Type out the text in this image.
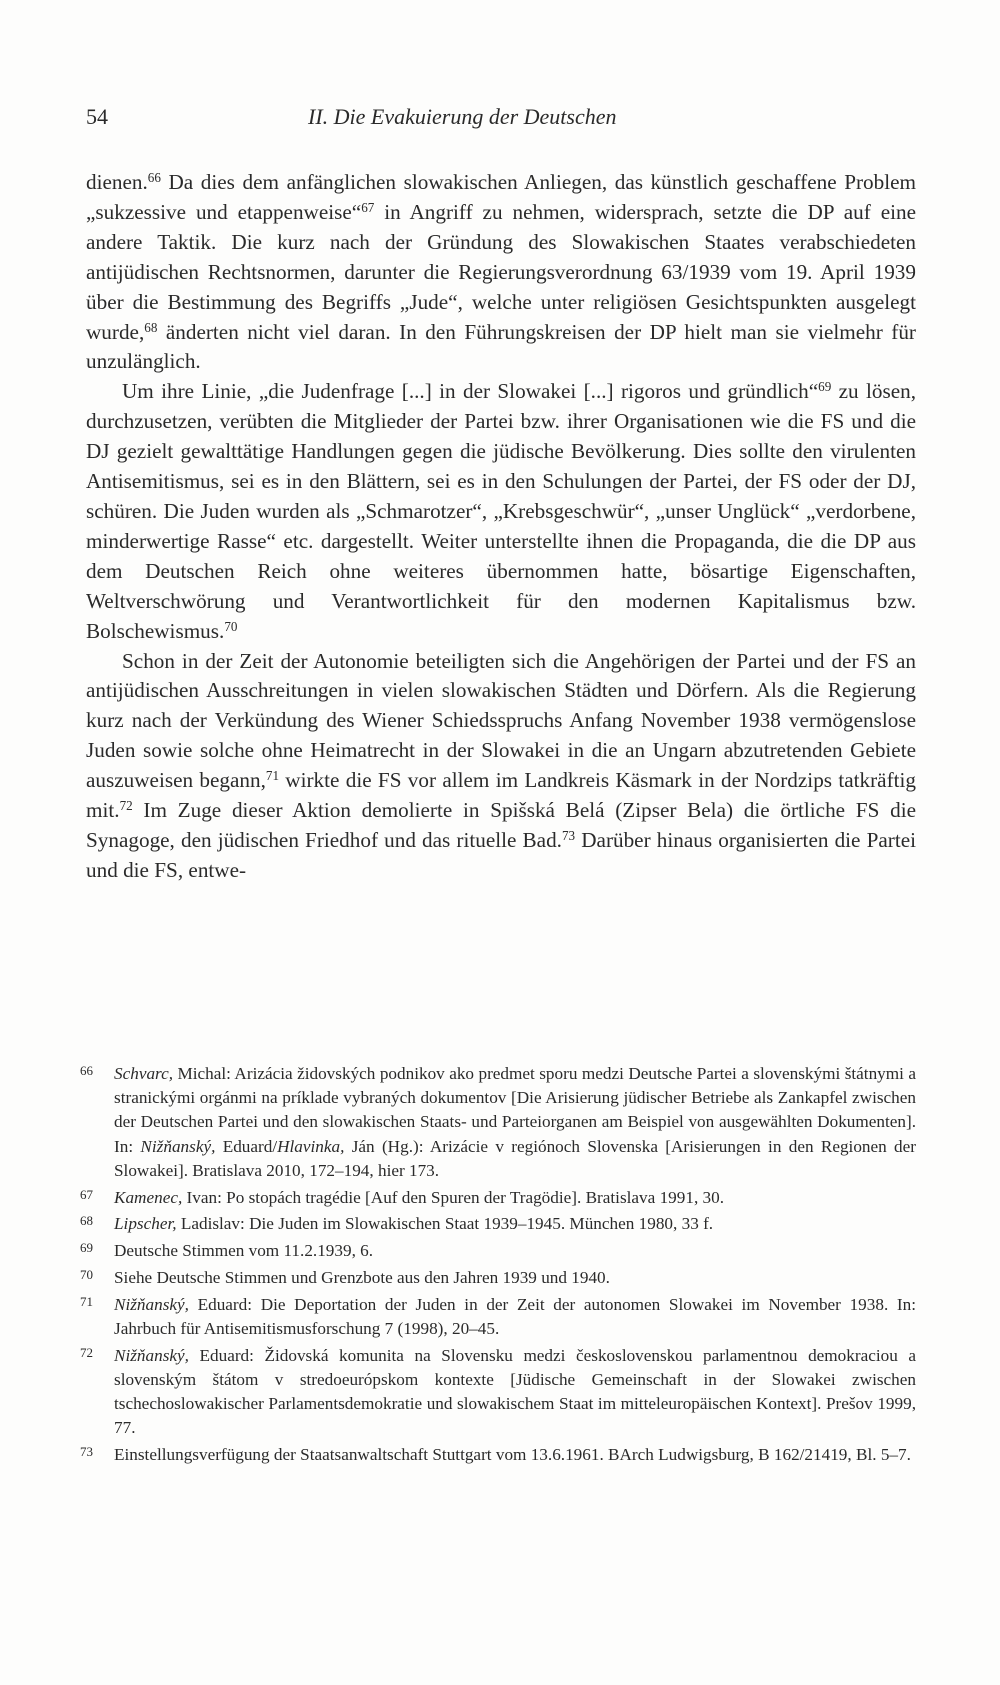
54	II. Die Evakuierung der Deutschen

dienen.$^{66}$ Da dies dem anfänglichen slowakischen Anliegen, das künstlich geschaffene Problem „sukzessive und etappenweise“$^{67}$ in Angriff zu nehmen, widersprach, setzte die DP auf eine andere Taktik. Die kurz nach der Gründung des Slowakischen Staates verabschiedeten antijüdischen Rechtsnormen, darunter die Regierungsverordnung 63/1939 vom 19. April 1939 über die Bestimmung des Begriffs „Jude“, welche unter religiösen Gesichtspunkten ausgelegt wurde,$^{68}$ änderten nicht viel daran. In den Führungskreisen der DP hielt man sie vielmehr für unzulänglich.

Um ihre Linie, „die Judenfrage [...] in der Slowakei [...] rigoros und gründlich“$^{69}$ zu lösen, durchzusetzen, verübten die Mitglieder der Partei bzw. ihrer Organisationen wie die FS und die DJ gezielt gewalttätige Handlungen gegen die jüdische Bevölkerung. Dies sollte den virulenten Antisemitismus, sei es in den Blättern, sei es in den Schulungen der Partei, der FS oder der DJ, schüren. Die Juden wurden als „Schmarotzer“, „Krebsgeschwür“, „unser Unglück“ „verdorbene, minderwertige Rasse“ etc. dargestellt. Weiter unterstellte ihnen die Propaganda, die die DP aus dem Deutschen Reich ohne weiteres übernommen hatte, bösartige Eigenschaften, Weltverschwörung und Verantwortlichkeit für den modernen Kapitalismus bzw. Bolschewismus.$^{70}$

Schon in der Zeit der Autonomie beteiligten sich die Angehörigen der Partei und der FS an antijüdischen Ausschreitungen in vielen slowakischen Städten und Dörfern. Als die Regierung kurz nach der Verkündung des Wiener Schiedsspruchs Anfang November 1938 vermögenslose Juden sowie solche ohne Heimatrecht in der Slowakei in die an Ungarn abzutretenden Gebiete auszuweisen begann,$^{71}$ wirkte die FS vor allem im Landkreis Käsmark in der Nordzips tatkräftig mit.$^{72}$ Im Zuge dieser Aktion demolierte in Spišská Belá (Zipser Bela) die örtliche FS die Synagoge, den jüdischen Friedhof und das rituelle Bad.$^{73}$ Darüber hinaus organisierten die Partei und die FS, entwe-

66	Schvarc, Michal: Arizácia židovských podnikov ako predmet sporu medzi Deutsche Partei a slovenskými štátnymi a stranickými orgánmi na príklade vybraných dokumentov [Die Arisierung jüdischer Betriebe als Zankapfel zwischen der Deutschen Partei und den slowakischen Staats- und Parteiorganen am Beispiel von ausgewählten Dokumenten]. In: Nižňanský, Eduard/Hlavinka, Ján (Hg.): Arizácie v regiónoch Slovenska [Arisierungen in den Regionen der Slowakei]. Bratislava 2010, 172–194, hier 173.
67	Kamenec, Ivan: Po stopách tragédie [Auf den Spuren der Tragödie]. Bratislava 1991, 30.
68	Lipscher, Ladislav: Die Juden im Slowakischen Staat 1939–1945. München 1980, 33 f.
69	Deutsche Stimmen vom 11.2.1939, 6.
70	Siehe Deutsche Stimmen und Grenzbote aus den Jahren 1939 und 1940.
71	Nižňanský, Eduard: Die Deportation der Juden in der Zeit der autonomen Slowakei im November 1938. In: Jahrbuch für Antisemitismusforschung 7 (1998), 20–45.
72	Nižňanský, Eduard: Židovská komunita na Slovensku medzi československou parlamentnou demokraciou a slovenským štátom v stredoeurópskom kontexte [Jüdische Gemeinschaft in der Slowakei zwischen tschechoslowakischer Parlamentsdemokratie und slowakischem Staat im mitteleuropäischen Kontext]. Prešov 1999, 77.
73	Einstellungsverfügung der Staatsanwaltschaft Stuttgart vom 13.6.1961. BArch Ludwigsburg, B 162/21419, Bl. 5–7.
